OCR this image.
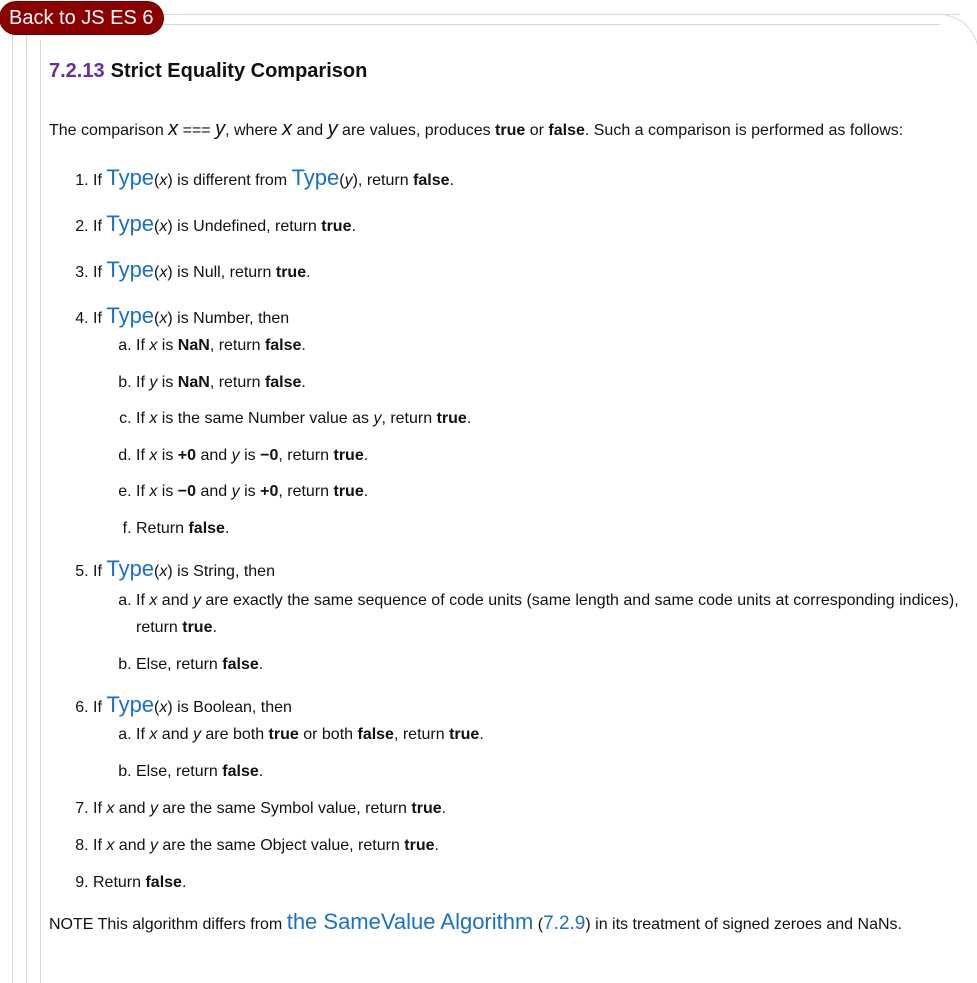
Back to JS ES 6
7.2.13 Strict Equality Comparison

The comparison x === y, where x and y are values, produces true or false. Such a comparison is performed as follows:

1. If Type(x) is different from Type(y), return false.
2. If Type(x) is Undefined, return true.
3. If Type(x) is Null, return true.
4. If Type(x) is Number, then
a. If x is NaN, return false.
b. If y is NaN, return false.
c. If x is the same Number value as y, return true.
d. If x is +0 and y is −0, return true.
e. If x is −0 and y is +0, return true.
f. Return false.
5. If Type(x) is String, then
a. If x and y are exactly the same sequence of code units (same length and same code units at corresponding indices), return true.
b. Else, return false.
6. If Type(x) is Boolean, then
a. If x and y are both true or both false, return true.
b. Else, return false.
7. If x and y are the same Symbol value, return true.
8. If x and y are the same Object value, return true.
9. Return false.

NOTE This algorithm differs from the SameValue Algorithm (7.2.9) in its treatment of signed zeroes and NaNs.
